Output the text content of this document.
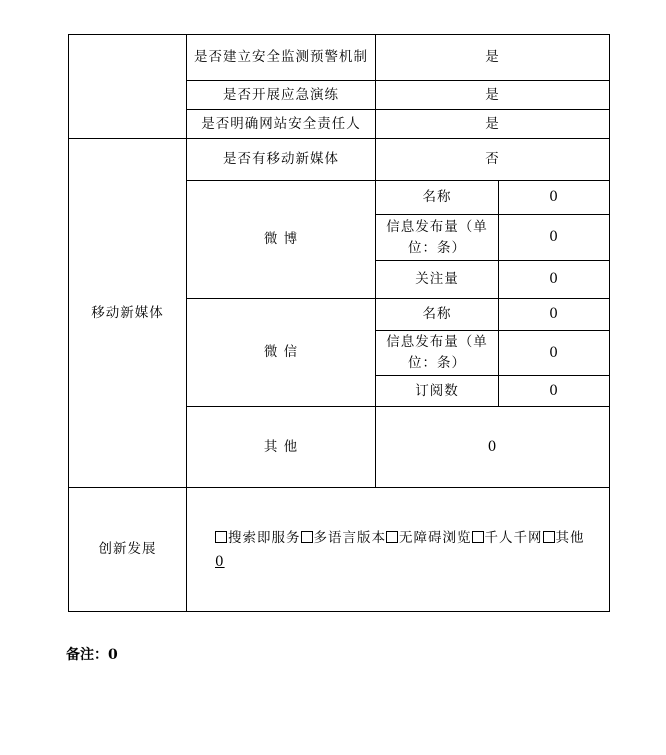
	是否建立安全监测预警机制	是	
	是否开展应急演练	是	
	是否明确网站安全责任人	是	
移动新媒体	是否有移动新媒体	否	
	微 博	名称	0
		信息发布量（单位：条）	0
		关注量	0
	微 信	名称	0
		信息发布量（单位：条）	0
		订阅数	0
	其 他	0	
创新发展	搜索即服务 多语言版本 无障碍浏览 千人千网 其他
0		
备注：0
